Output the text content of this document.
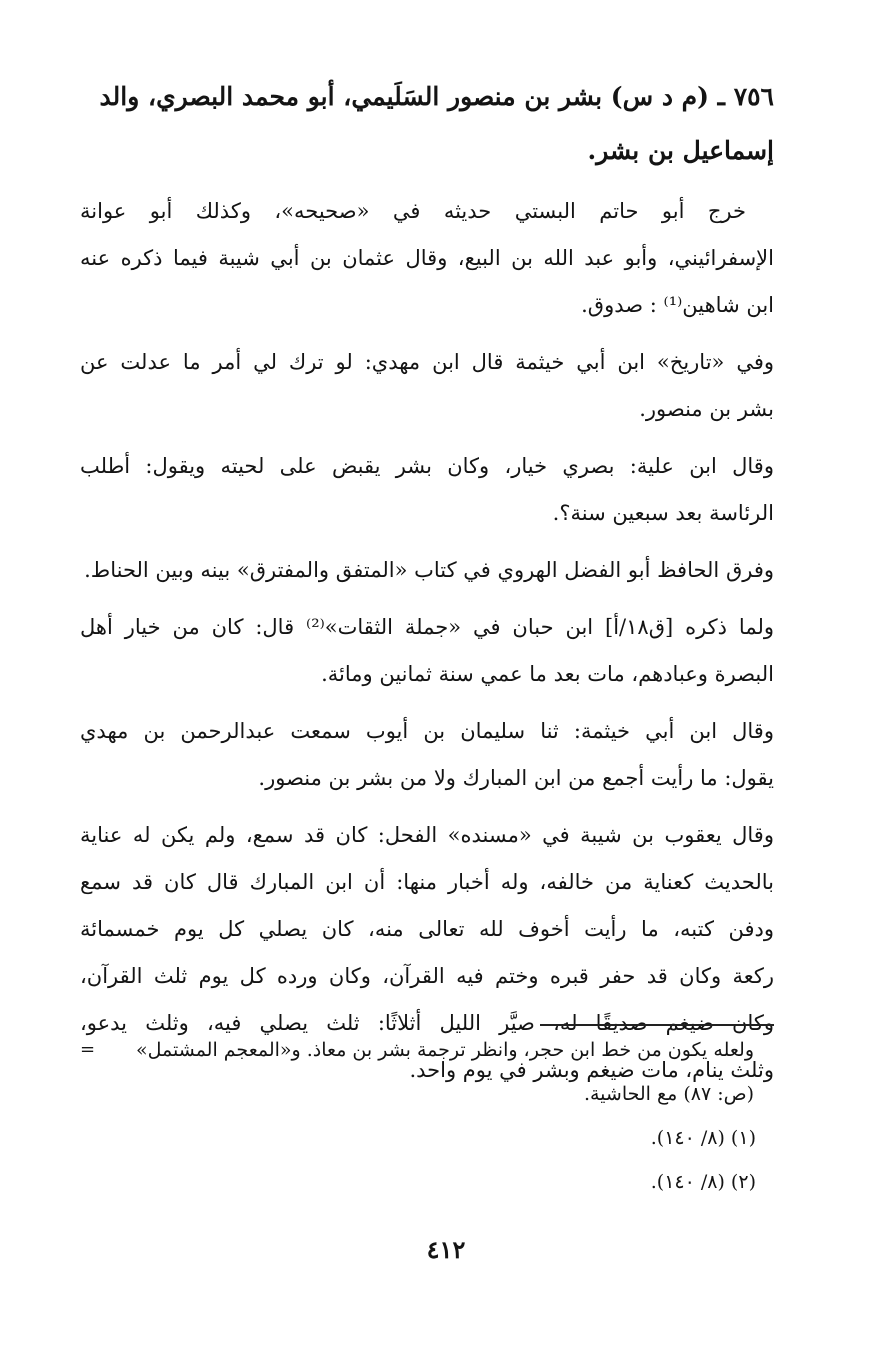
٧٥٦ ـ (م د س) بشر بن منصور السَلَيمي، أبو محمد البصري، والد
إسماعيل بن بشر.
خرج أبو حاتم البستي حديثه في «صحيحه»، وكذلك أبو عوانة
الإسفرائيني، وأبو عبد الله بن البيع، وقال عثمان بن أبي شيبة فيما ذكره عنه
ابن شاهين⁽¹⁾ : صدوق.
وفي «تاريخ» ابن أبي خيثمة قال ابن مهدي: لو ترك لي أمر ما عدلت عن
بشر بن منصور.
وقال ابن علية: بصري خيار، وكان بشر يقبض على لحيته ويقول: أطلب
الرئاسة بعد سبعين سنة؟.
وفرق الحافظ أبو الفضل الهروي في كتاب «المتفق والمفترق» بينه وبين الحناط.
ولما ذكره [ق١٨/أ] ابن حبان في «جملة الثقات»⁽²⁾ قال: كان من خيار أهل
البصرة وعبادهم، مات بعد ما عمي سنة ثمانين ومائة.
وقال ابن أبي خيثمة: ثنا سليمان بن أيوب سمعت عبدالرحمن بن مهدي
يقول: ما رأيت أجمع من ابن المبارك ولا من بشر بن منصور.
وقال يعقوب بن شيبة في «مسنده» الفحل: كان قد سمع، ولم يكن له عناية
بالحديث كعناية من خالفه، وله أخبار منها: أن ابن المبارك قال كان قد سمع
ودفن كتبه، ما رأيت أخوف لله تعالى منه، كان يصلي كل يوم خمسمائة
ركعة وكان قد حفر قبره وختم فيه القرآن، وكان ورده كل يوم ثلث القرآن،
وكان ضيغم صديقًا له، صيَّر الليل أثلاثًا: ثلث يصلي فيه، وثلث يدعو،
وثلث ينام، مات ضيغم وبشر في يوم واحد.
=	ولعله يكون من خط ابن حجر، وانظر ترجمة بشر بن معاذ. و«المعجم المشتمل»
(ص: ٨٧) مع الحاشية.
(١) (٨/ ١٤٠).
(٢) (٨/ ١٤٠).
٤١٢
